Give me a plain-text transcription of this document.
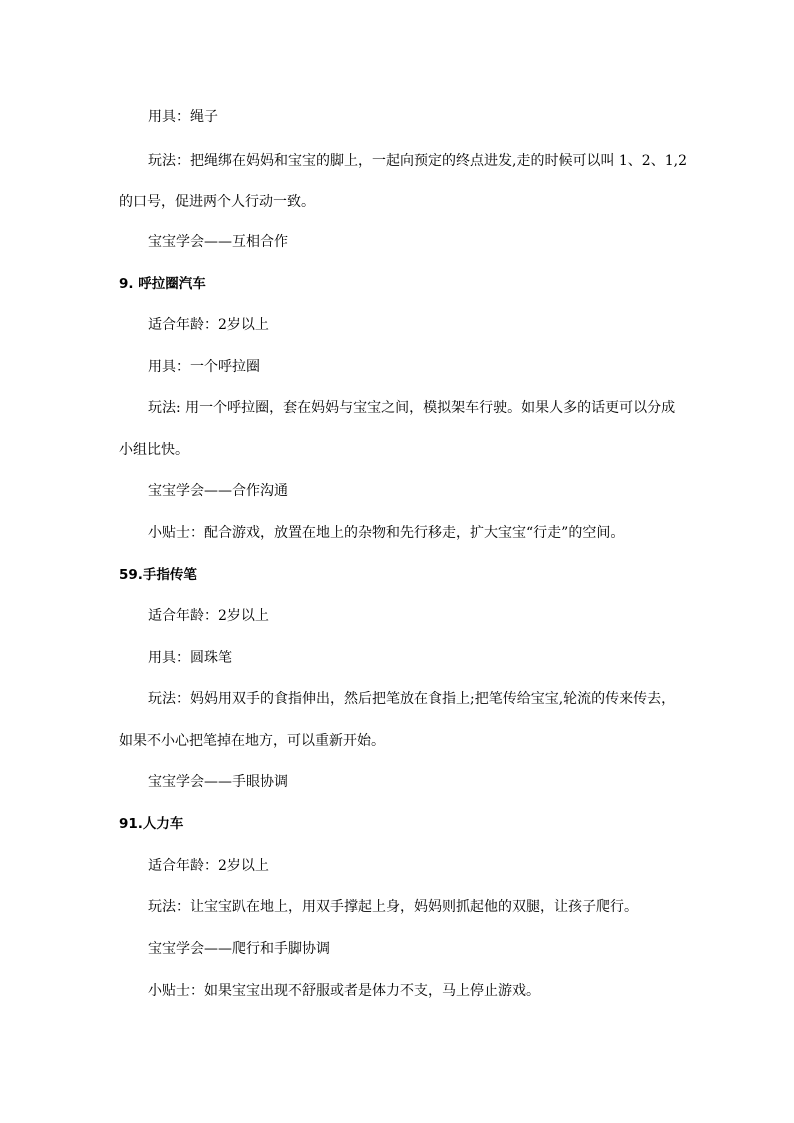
用具：绳子

玩法：把绳绑在妈妈和宝宝的脚上，一起向预定的终点进发,走的时候可以叫 1、2、1,2

的口号，促进两个人行动一致。

宝宝学会——互相合作

9. 呼拉圈汽车

适合年龄：2岁以上

用具：一个呼拉圈

玩法: 用一个呼拉圈，套在妈妈与宝宝之间，模拟架车行驶。如果人多的话更可以分成

小组比快。

宝宝学会——合作沟通

小贴士：配合游戏，放置在地上的杂物和先行移走，扩大宝宝“行走”的空间。

59.手指传笔

适合年龄：2岁以上

用具：圆珠笔

玩法：妈妈用双手的食指伸出，然后把笔放在食指上;把笔传给宝宝,轮流的传来传去，

如果不小心把笔掉在地方，可以重新开始。

宝宝学会——手眼协调

91.人力车

适合年龄：2岁以上

玩法：让宝宝趴在地上，用双手撑起上身，妈妈则抓起他的双腿，让孩子爬行。

宝宝学会——爬行和手脚协调

小贴士：如果宝宝出现不舒服或者是体力不支，马上停止游戏。
